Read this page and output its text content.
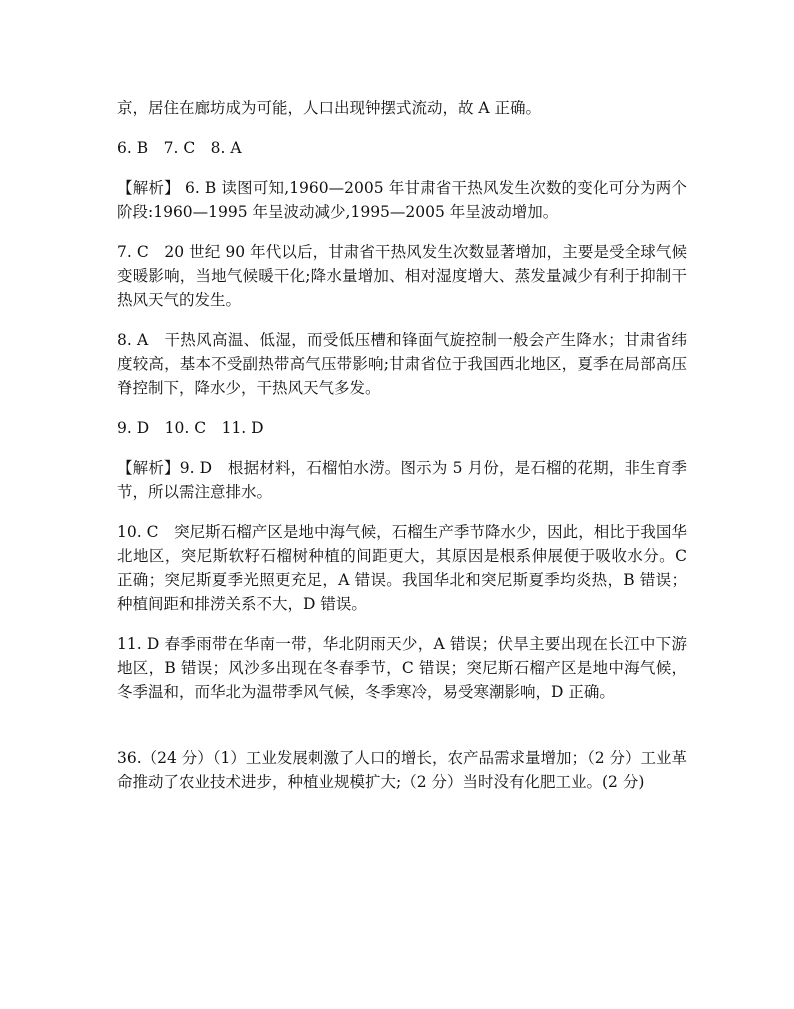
京，居住在廊坊成为可能，人口出现钟摆式流动，故 A 正确。

6. B　7. C　8. A

【解析】 6. B 读图可知,1960—2005 年甘肃省干热风发生次数的变化可分为两个阶段:1960—1995 年呈波动减少,1995—2005 年呈波动增加。

7. C　20 世纪 90 年代以后，甘肃省干热风发生次数显著增加，主要是受全球气候变暖影响，当地气候暖干化;降水量增加、相对湿度增大、蒸发量减少有利于抑制干热风天气的发生。

8. A　干热风高温、低湿，而受低压槽和锋面气旋控制一般会产生降水；甘肃省纬度较高，基本不受副热带高气压带影响;甘肃省位于我国西北地区，夏季在局部高压脊控制下，降水少，干热风天气多发。

9. D　10. C　11. D

【解析】9. D　根据材料，石榴怕水涝。图示为 5 月份，是石榴的花期，非生育季节，所以需注意排水。

10. C　突尼斯石榴产区是地中海气候，石榴生产季节降水少，因此，相比于我国华北地区，突尼斯软籽石榴树种植的间距更大，其原因是根系伸展便于吸收水分。C 正确；突尼斯夏季光照更充足，A 错误。我国华北和突尼斯夏季均炎热，B 错误；种植间距和排涝关系不大，D 错误。

11. D 春季雨带在华南一带，华北阴雨天少，A 错误；伏旱主要出现在长江中下游地区，B 错误；风沙多出现在冬春季节，C 错误；突尼斯石榴产区是地中海气候，冬季温和，而华北为温带季风气候，冬季寒冷，易受寒潮影响，D 正确。

36.（24 分）（1）工业发展刺激了人口的增长，农产品需求量增加；（2 分）工业革命推动了农业技术进步，种植业规模扩大;（2 分）当时没有化肥工业。(2 分)
